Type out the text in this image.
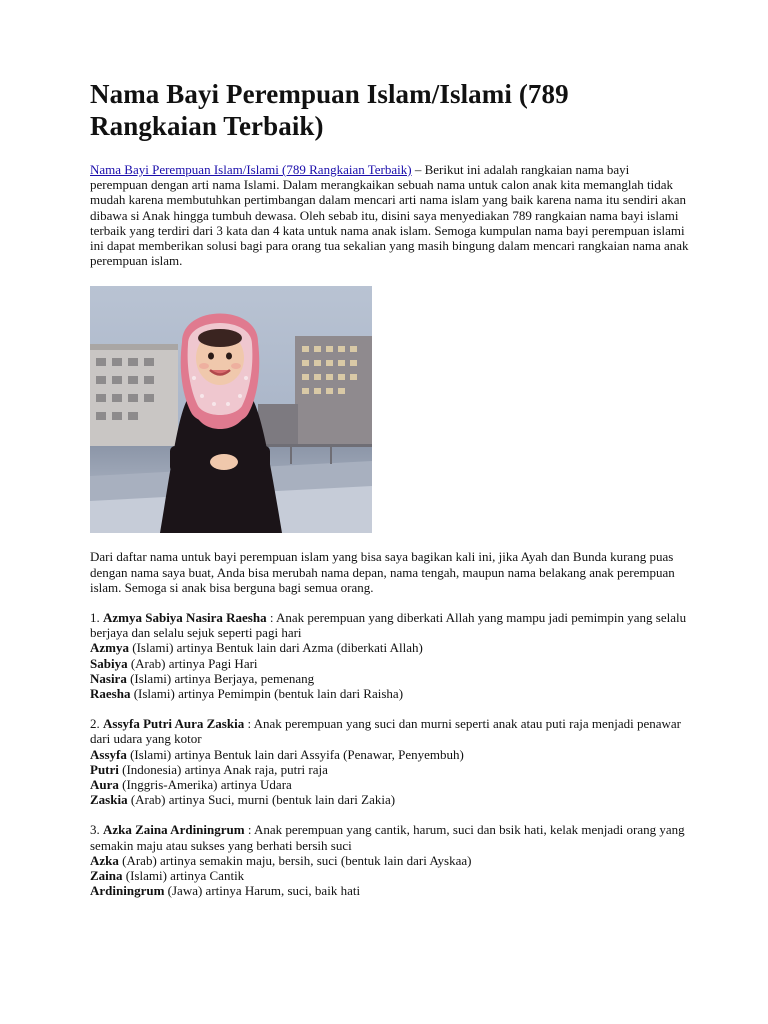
Nama Bayi Perempuan Islam/Islami (789 Rangkaian Terbaik)

Nama Bayi Perempuan Islam/Islami (789 Rangkaian Terbaik) – Berikut ini adalah rangkaian nama bayi perempuan dengan arti nama Islami. Dalam merangkaikan sebuah nama untuk calon anak kita memanglah tidak mudah karena membutuhkan pertimbangan dalam mencari arti nama islam yang baik karena nama itu sendiri akan dibawa si Anak hingga tumbuh dewasa. Oleh sebab itu, disini saya menyediakan 789 rangkaian nama bayi islami terbaik yang terdiri dari 3 kata dan 4 kata untuk nama anak islam. Semoga kumpulan nama bayi perempuan islami ini dapat memberikan solusi bagi para orang tua sekalian yang masih bingung dalam mencari rangkaian nama anak perempuan islam.

Dari daftar nama untuk bayi perempuan islam yang bisa saya bagikan kali ini, jika Ayah dan Bunda kurang puas dengan nama saya buat, Anda bisa merubah nama depan, nama tengah, maupun nama belakang anak perempuan islam. Semoga si anak bisa berguna bagi semua orang.

1. Azmya Sabiya Nasira Raesha : Anak perempuan yang diberkati Allah yang mampu jadi pemimpin yang selalu berjaya dan selalu sejuk seperti pagi hari
Azmya (Islami) artinya Bentuk lain dari Azma (diberkati Allah)
Sabiya (Arab) artinya Pagi Hari
Nasira (Islami) artinya Berjaya, pemenang
Raesha (Islami) artinya Pemimpin (bentuk lain dari Raisha)
2. Assyfa Putri Aura Zaskia : Anak perempuan yang suci dan murni seperti anak atau puti raja menjadi penawar dari udara yang kotor
Assyfa (Islami) artinya Bentuk lain dari Assyifa (Penawar, Penyembuh)
Putri (Indonesia) artinya Anak raja, putri raja
Aura (Inggris-Amerika) artinya Udara
Zaskia (Arab) artinya Suci, murni (bentuk lain dari Zakia)
3. Azka Zaina Ardiningrum : Anak perempuan yang cantik, harum, suci dan bsik hati, kelak menjadi orang yang semakin maju atau sukses yang berhati bersih suci
Azka (Arab) artinya semakin maju, bersih, suci (bentuk lain dari Ayskaa)
Zaina (Islami) artinya Cantik
Ardiningrum (Jawa) artinya Harum, suci, baik hati
